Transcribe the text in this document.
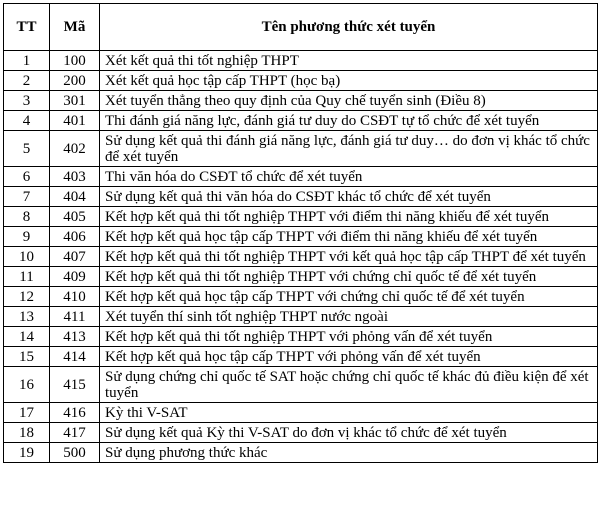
TT	Mã	Tên phương thức xét tuyển
1	100	Xét kết quả thi tốt nghiệp THPT
2	200	Xét kết quả học tập cấp THPT (học bạ)
3	301	Xét tuyển thẳng theo quy định của Quy chế tuyển sinh (Điều 8)
4	401	Thi đánh giá năng lực, đánh giá tư duy do CSĐT tự tổ chức để xét tuyển
5	402	Sử dụng kết quả thi đánh giá năng lực, đánh giá tư duy… do đơn vị khác tổ chức để xét tuyển
6	403	Thi văn hóa do CSĐT tổ chức để xét tuyển
7	404	Sử dụng kết quả thi văn hóa do CSĐT khác tổ chức để xét tuyển
8	405	Kết hợp kết quả thi tốt nghiệp THPT với điểm thi năng khiếu để xét tuyển
9	406	Kết hợp kết quả học tập cấp THPT với điểm thi năng khiếu để xét tuyển
10	407	Kết hợp kết quả thi tốt nghiệp THPT với kết quả học tập cấp THPT để xét tuyển
11	409	Kết hợp kết quả thi tốt nghiệp THPT với chứng chỉ quốc tế để xét tuyển
12	410	Kết hợp kết quả học tập cấp THPT với chứng chỉ quốc tế để xét tuyển
13	411	Xét tuyển thí sinh tốt nghiệp THPT nước ngoài
14	413	Kết hợp kết quả thi tốt nghiệp THPT với phỏng vấn để xét tuyển
15	414	Kết hợp kết quả học tập cấp THPT với phỏng vấn để xét tuyển
16	415	Sử dụng chứng chỉ quốc tế SAT hoặc chứng chỉ quốc tế khác đủ điều kiện để xét tuyển
17	416	Kỳ thi V-SAT
18	417	Sử dụng kết quả Kỳ thi V-SAT do đơn vị khác tổ chức để xét tuyển
19	500	Sử dụng phương thức khác
